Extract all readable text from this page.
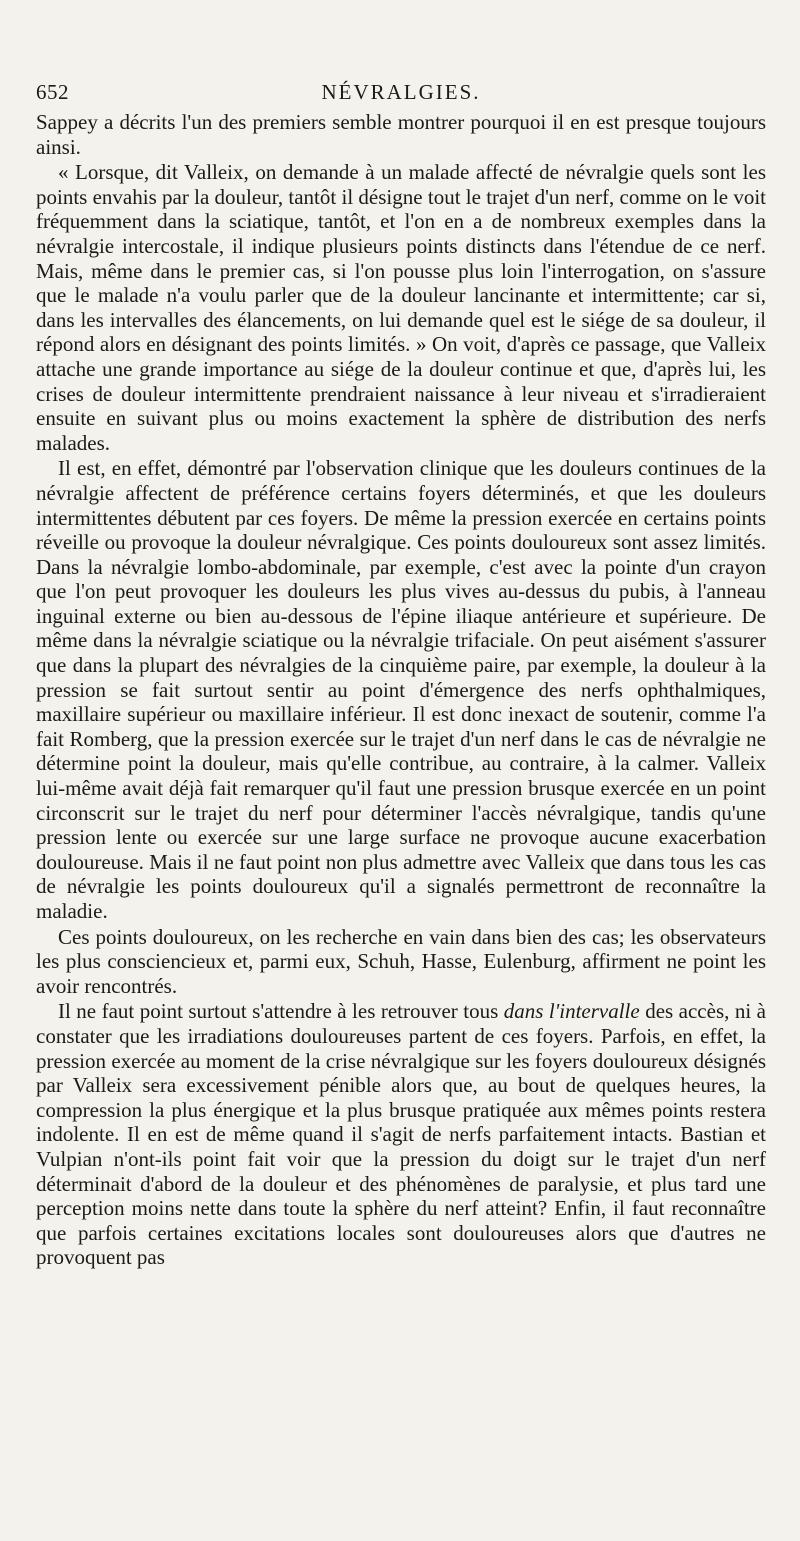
652	NÉVRALGIES.

Sappey a décrits l'un des premiers semble montrer pourquoi il en est presque toujours ainsi.

« Lorsque, dit Valleix, on demande à un malade affecté de névralgie quels sont les points envahis par la douleur, tantôt il désigne tout le trajet d'un nerf, comme on le voit fréquemment dans la sciatique, tantôt, et l'on en a de nombreux exemples dans la névralgie intercostale, il indique plusieurs points distincts dans l'étendue de ce nerf. Mais, même dans le premier cas, si l'on pousse plus loin l'interrogation, on s'assure que le malade n'a voulu parler que de la douleur lancinante et intermittente; car si, dans les intervalles des élancements, on lui demande quel est le siége de sa douleur, il répond alors en désignant des points limités. » On voit, d'après ce passage, que Valleix attache une grande importance au siége de la douleur continue et que, d'après lui, les crises de douleur intermittente prendraient naissance à leur niveau et s'irradieraient ensuite en suivant plus ou moins exactement la sphère de distribution des nerfs malades.

Il est, en effet, démontré par l'observation clinique que les douleurs continues de la névralgie affectent de préférence certains foyers déterminés, et que les douleurs intermittentes débutent par ces foyers. De même la pression exercée en certains points réveille ou provoque la douleur névralgique. Ces points douloureux sont assez limités. Dans la névralgie lombo-abdominale, par exemple, c'est avec la pointe d'un crayon que l'on peut provoquer les douleurs les plus vives au-dessus du pubis, à l'anneau inguinal externe ou bien au-dessous de l'épine iliaque antérieure et supérieure. De même dans la névralgie sciatique ou la névralgie trifaciale. On peut aisément s'assurer que dans la plupart des névralgies de la cinquième paire, par exemple, la douleur à la pression se fait surtout sentir au point d'émergence des nerfs ophthalmiques, maxillaire supérieur ou maxillaire inférieur. Il est donc inexact de soutenir, comme l'a fait Romberg, que la pression exercée sur le trajet d'un nerf dans le cas de névralgie ne détermine point la douleur, mais qu'elle contribue, au contraire, à la calmer. Valleix lui-même avait déjà fait remarquer qu'il faut une pression brusque exercée en un point circonscrit sur le trajet du nerf pour déterminer l'accès névralgique, tandis qu'une pression lente ou exercée sur une large surface ne provoque aucune exacerbation douloureuse. Mais il ne faut point non plus admettre avec Valleix que dans tous les cas de névralgie les points douloureux qu'il a signalés permettront de reconnaître la maladie.

Ces points douloureux, on les recherche en vain dans bien des cas; les observateurs les plus consciencieux et, parmi eux, Schuh, Hasse, Eulenburg, affirment ne point les avoir rencontrés.

Il ne faut point surtout s'attendre à les retrouver tous dans l'intervalle des accès, ni à constater que les irradiations douloureuses partent de ces foyers. Parfois, en effet, la pression exercée au moment de la crise névralgique sur les foyers douloureux désignés par Valleix sera excessivement pénible alors que, au bout de quelques heures, la compression la plus énergique et la plus brusque pratiquée aux mêmes points restera indolente. Il en est de même quand il s'agit de nerfs parfaitement intacts. Bastian et Vulpian n'ont-ils point fait voir que la pression du doigt sur le trajet d'un nerf déterminait d'abord de la douleur et des phénomènes de paralysie, et plus tard une perception moins nette dans toute la sphère du nerf atteint? Enfin, il faut reconnaître que parfois certaines excitations locales sont douloureuses alors que d'autres ne provoquent pas
